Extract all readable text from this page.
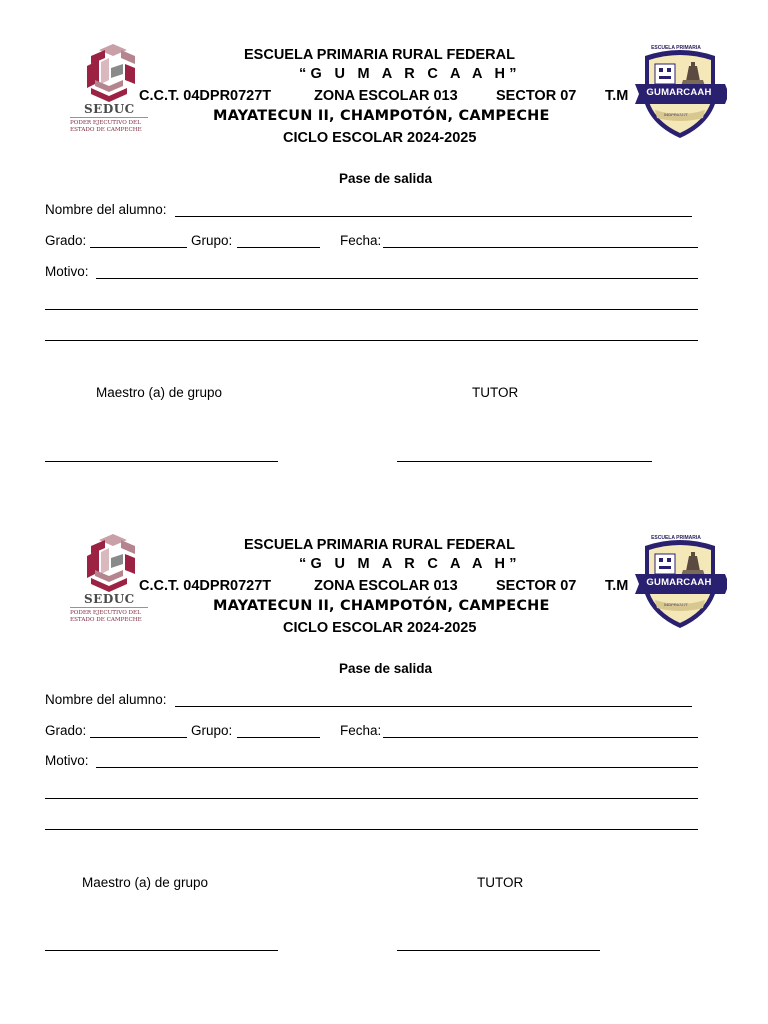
SEDUC
PODER EJECUTIVO DEL
ESTADO DE CAMPECHE
ESCUELA PRIMARIA
GUMARCAAH
04DPR0727T
ESCUELA PRIMARIA RURAL FEDERAL
“G U M A R C A A H”
C.C.T. 04DPR0727T	ZONA ESCOLAR 013	SECTOR 07 T.M
MAYATECUN II, CHAMPOTÓN, CAMPECHE
CICLO ESCOLAR 2024-2025
Pase de salida
Nombre del alumno:
Grado:	Grupo:	Fecha:
Motivo:
Maestro (a) de grupo	TUTOR
SEDUC
PODER EJECUTIVO DEL
ESTADO DE CAMPECHE
ESCUELA PRIMARIA
GUMARCAAH
04DPR0727T
ESCUELA PRIMARIA RURAL FEDERAL
“G U M A R C A A H”
C.C.T. 04DPR0727T	ZONA ESCOLAR 013	SECTOR 07 T.M
MAYATECUN II, CHAMPOTÓN, CAMPECHE
CICLO ESCOLAR 2024-2025
Pase de salida
Nombre del alumno:
Grado:	Grupo:	Fecha:
Motivo:
Maestro (a) de grupo	TUTOR
